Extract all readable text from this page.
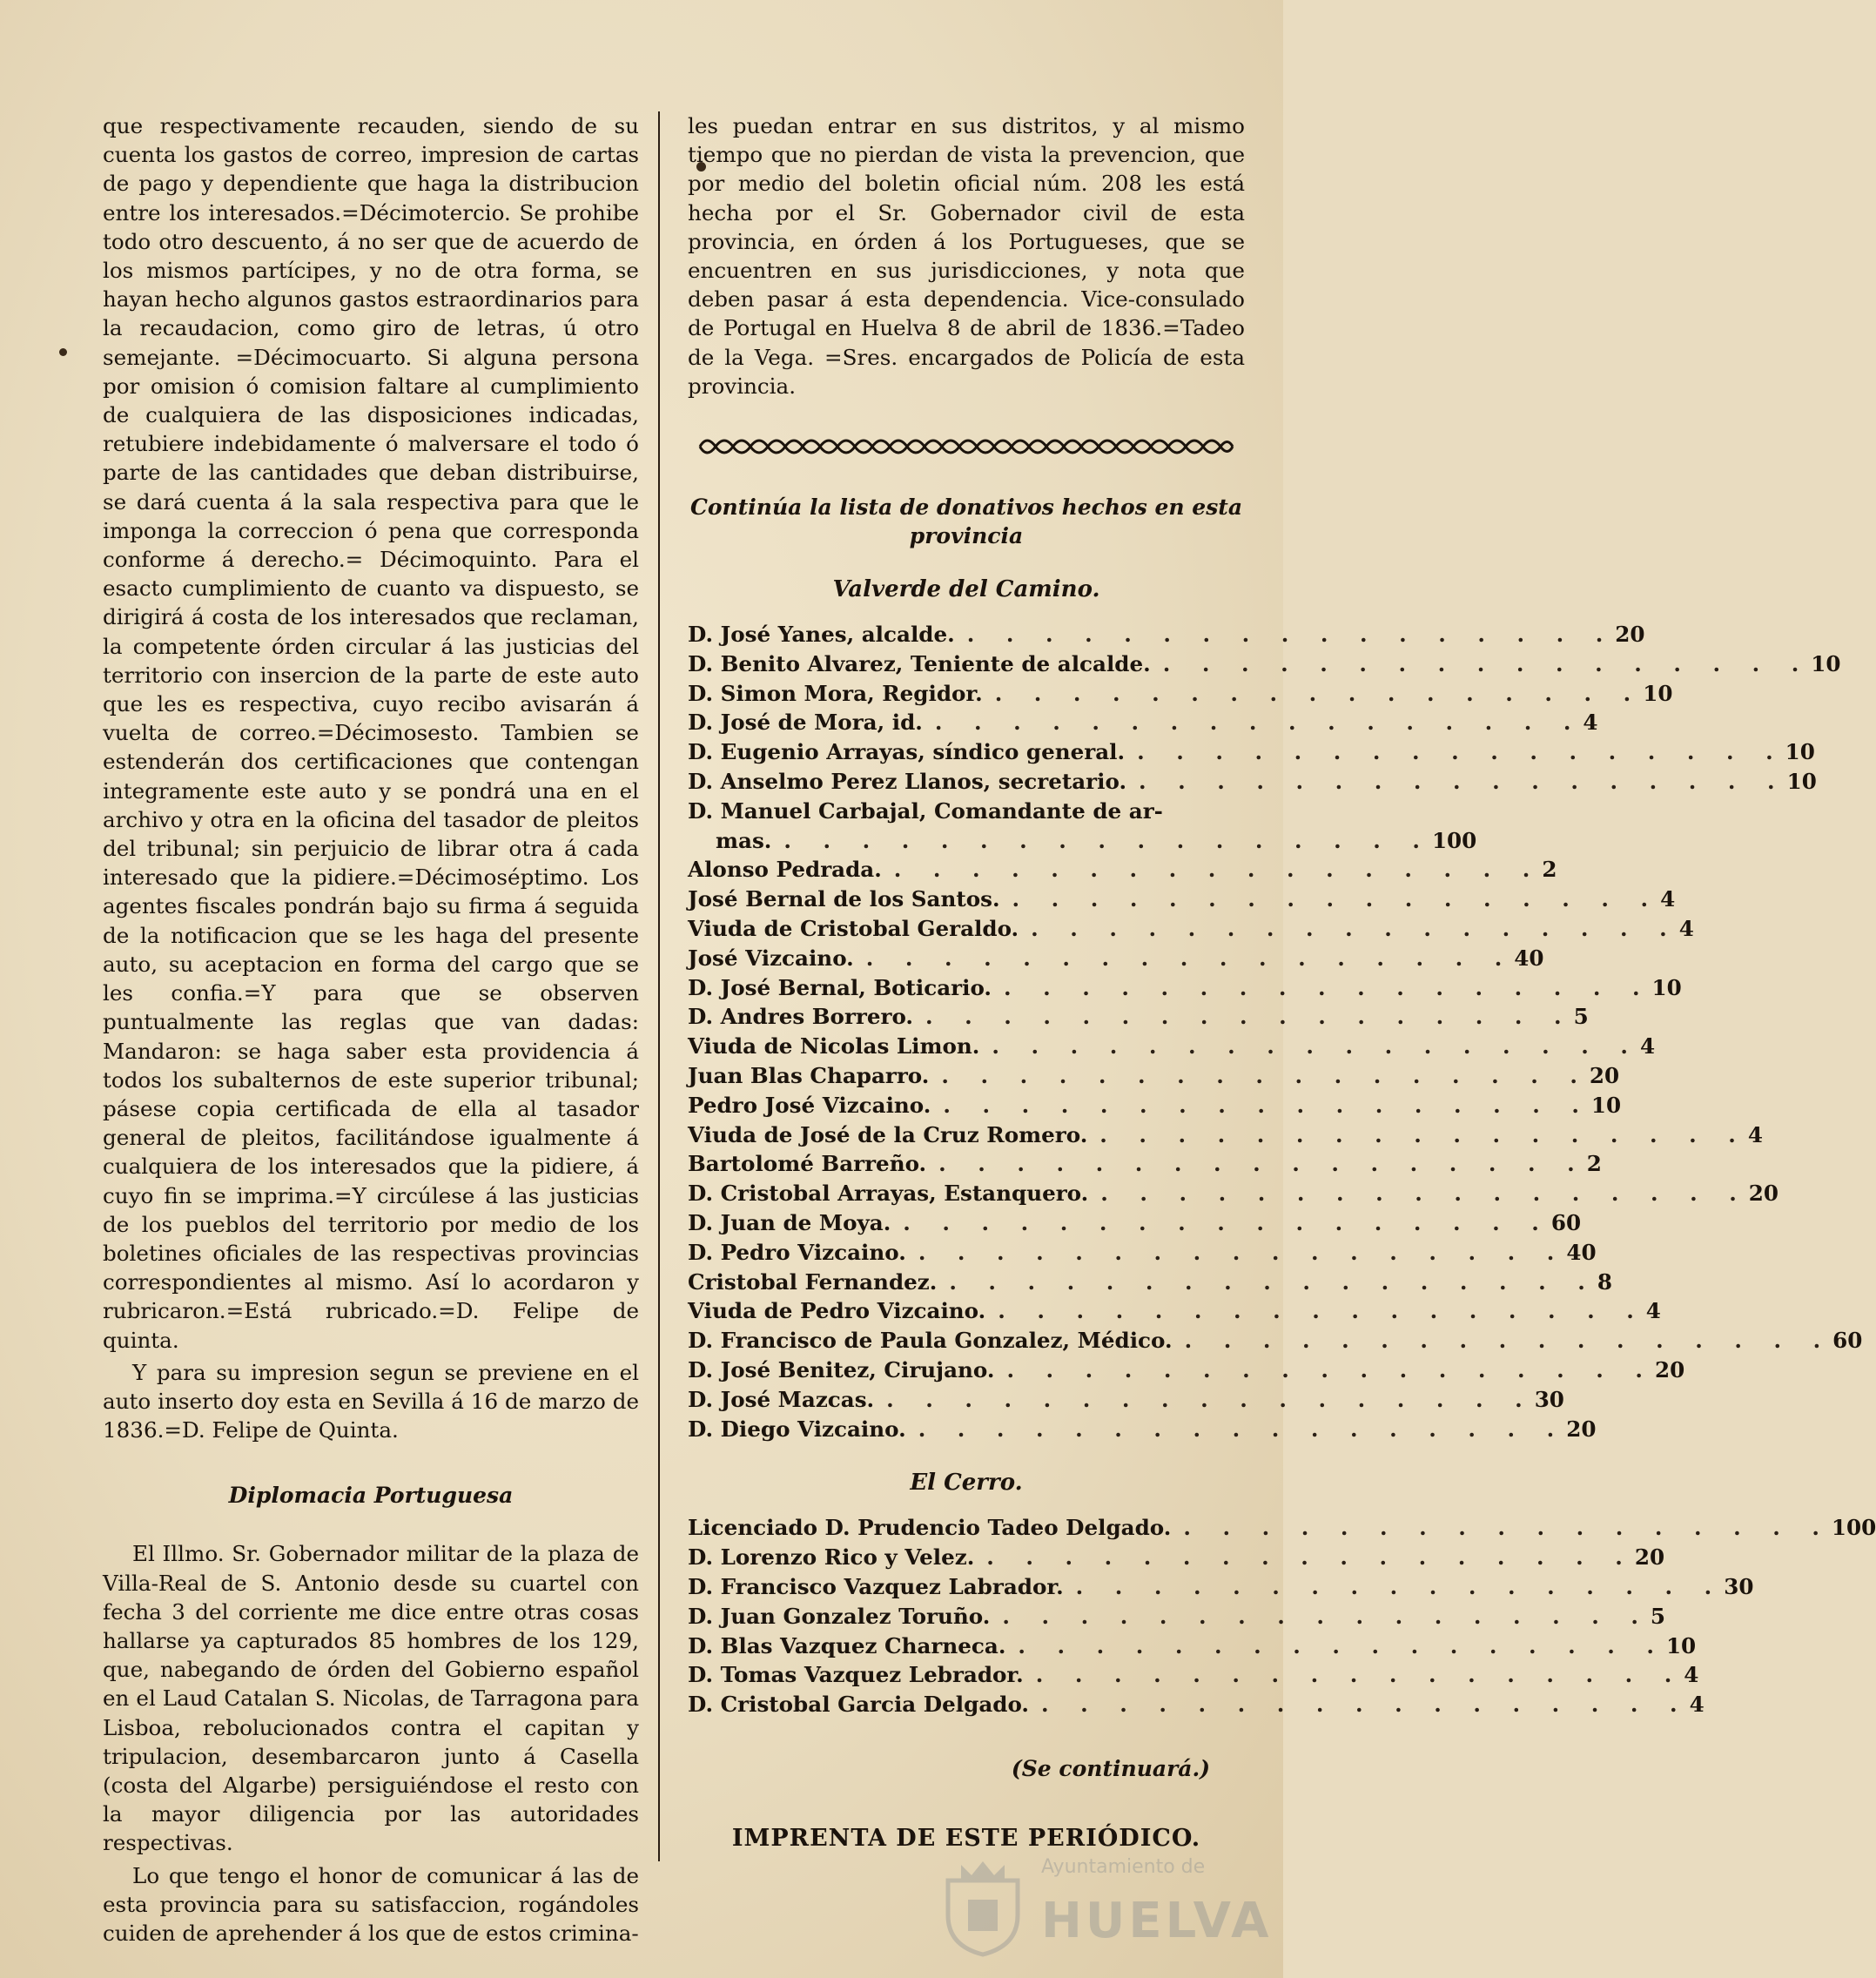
que respectivamente recauden, siendo de su cuenta los gastos de correo, impresion de cartas de pago y dependiente que haga la distribucion entre los interesados.=Décimotercio. Se prohibe todo otro descuento, á no ser que de acuerdo de los mismos partícipes, y no de otra forma, se hayan hecho algunos gastos estraordinarios para la recaudacion, como giro de letras, ú otro semejante. =Décimocuarto. Si alguna persona por omision ó comision faltare al cumplimiento de cualquiera de las disposiciones indicadas, retubiere indebidamente ó malversare el todo ó parte de las cantidades que deban distribuirse, se dará cuenta á la sala respectiva para que le imponga la correccion ó pena que corresponda conforme á derecho.= Décimoquinto. Para el esacto cumplimiento de cuanto va dispuesto, se dirigirá á costa de los interesados que reclaman, la competente órden circular á las justicias del territorio con insercion de la parte de este auto que les es respectiva, cuyo recibo avisarán á vuelta de correo.=Décimosesto. Tambien se estenderán dos certificaciones que contengan integramente este auto y se pondrá una en el archivo y otra en la oficina del tasador de pleitos del tribunal; sin perjuicio de librar otra á cada interesado que la pidiere.=Décimoséptimo. Los agentes fiscales pondrán bajo su firma á seguida de la notificacion que se les haga del presente auto, su aceptacion en forma del cargo que se les confia.=Y para que se observen puntualmente las reglas que van dadas: Mandaron: se haga saber esta providencia á todos los subalternos de este superior tribunal; pásese copia certificada de ella al tasador general de pleitos, facilitándose igualmente á cualquiera de los interesados que la pidiere, á cuyo fin se imprima.=Y circúlese á las justicias de los pueblos del territorio por medio de los boletines oficiales de las respectivas provincias correspondientes al mismo. Así lo acordaron y rubricaron.=Está rubricado.=D. Felipe de quinta.

Y para su impresion segun se previene en el auto inserto doy esta en Sevilla á 16 de marzo de 1836.=D. Felipe de Quinta.

Diplomacia Portuguesa

El Illmo. Sr. Gobernador militar de la plaza de Villa-Real de S. Antonio desde su cuartel con fecha 3 del corriente me dice entre otras cosas hallarse ya capturados 85 hombres de los 129, que, nabegando de órden del Gobierno español en el Laud Catalan S. Nicolas, de Tarragona para Lisboa, rebolucionados contra el capitan y tripulacion, desembarcaron junto á Casella (costa del Algarbe) persiguiéndose el resto con la mayor diligencia por las autoridades respectivas.

Lo que tengo el honor de comunicar á las de esta provincia para su satisfaccion, rogándoles cuiden de aprehender á los que de estos crimina-

les puedan entrar en sus distritos, y al mismo tiempo que no pierdan de vista la prevencion, que por medio del boletin oficial núm. 208 les está hecha por el Sr. Gobernador civil de esta provincia, en órden á los Portugueses, que se encuentren en sus jurisdicciones, y nota que deben pasar á esta dependencia. Vice-consulado de Portugal en Huelva 8 de abril de 1836.=Tadeo de la Vega. =Sres. encargados de Policía de esta provincia.

Continúa la lista de donativos hechos en esta provincia
Valverde del Camino.
D. José Yanes, alcalde. . . . . . . . . . . . . . . . . . 20
D. Benito Alvarez, Teniente de alcalde. . . . . . . . . . . . . . . . . . 10
D. Simon Mora, Regidor. . . . . . . . . . . . . . . . . . 10
D. José de Mora, id. . . . . . . . . . . . . . . . . . 4
D. Eugenio Arrayas, síndico general. . . . . . . . . . . . . . . . . . 10
D. Anselmo Perez Llanos, secretario. . . . . . . . . . . . . . . . . . 10
D. Manuel Carbajal, Comandante de ar-
mas. . . . . . . . . . . . . . . . . . 100
Alonso Pedrada. . . . . . . . . . . . . . . . . . 2
José Bernal de los Santos. . . . . . . . . . . . . . . . . . 4
Viuda de Cristobal Geraldo. . . . . . . . . . . . . . . . . . 4
José Vizcaino. . . . . . . . . . . . . . . . . . 40
D. José Bernal, Boticario. . . . . . . . . . . . . . . . . . 10
D. Andres Borrero. . . . . . . . . . . . . . . . . . 5
Viuda de Nicolas Limon. . . . . . . . . . . . . . . . . . 4
Juan Blas Chaparro. . . . . . . . . . . . . . . . . . 20
Pedro José Vizcaino. . . . . . . . . . . . . . . . . . 10
Viuda de José de la Cruz Romero. . . . . . . . . . . . . . . . . . 4
Bartolomé Barreño. . . . . . . . . . . . . . . . . . 2
D. Cristobal Arrayas, Estanquero. . . . . . . . . . . . . . . . . . 20
D. Juan de Moya. . . . . . . . . . . . . . . . . . 60
D. Pedro Vizcaino. . . . . . . . . . . . . . . . . . 40
Cristobal Fernandez. . . . . . . . . . . . . . . . . . 8
Viuda de Pedro Vizcaino. . . . . . . . . . . . . . . . . . 4
D. Francisco de Paula Gonzalez, Médico. . . . . . . . . . . . . . . . . . 60
D. José Benitez, Cirujano. . . . . . . . . . . . . . . . . . 20
D. José Mazcas. . . . . . . . . . . . . . . . . . 30
D. Diego Vizcaino. . . . . . . . . . . . . . . . . . 20
El Cerro.
Licenciado D. Prudencio Tadeo Delgado. . . . . . . . . . . . . . . . . . 100
D. Lorenzo Rico y Velez. . . . . . . . . . . . . . . . . . 20
D. Francisco Vazquez Labrador. . . . . . . . . . . . . . . . . . 30
D. Juan Gonzalez Toruño. . . . . . . . . . . . . . . . . . 5
D. Blas Vazquez Charneca. . . . . . . . . . . . . . . . . . 10
D. Tomas Vazquez Lebrador. . . . . . . . . . . . . . . . . . 4
D. Cristobal Garcia Delgado. . . . . . . . . . . . . . . . . . 4
(Se continuará.)
IMPRENTA DE ESTE PERIÓDICO.
Ayuntamiento de
HUELVA
